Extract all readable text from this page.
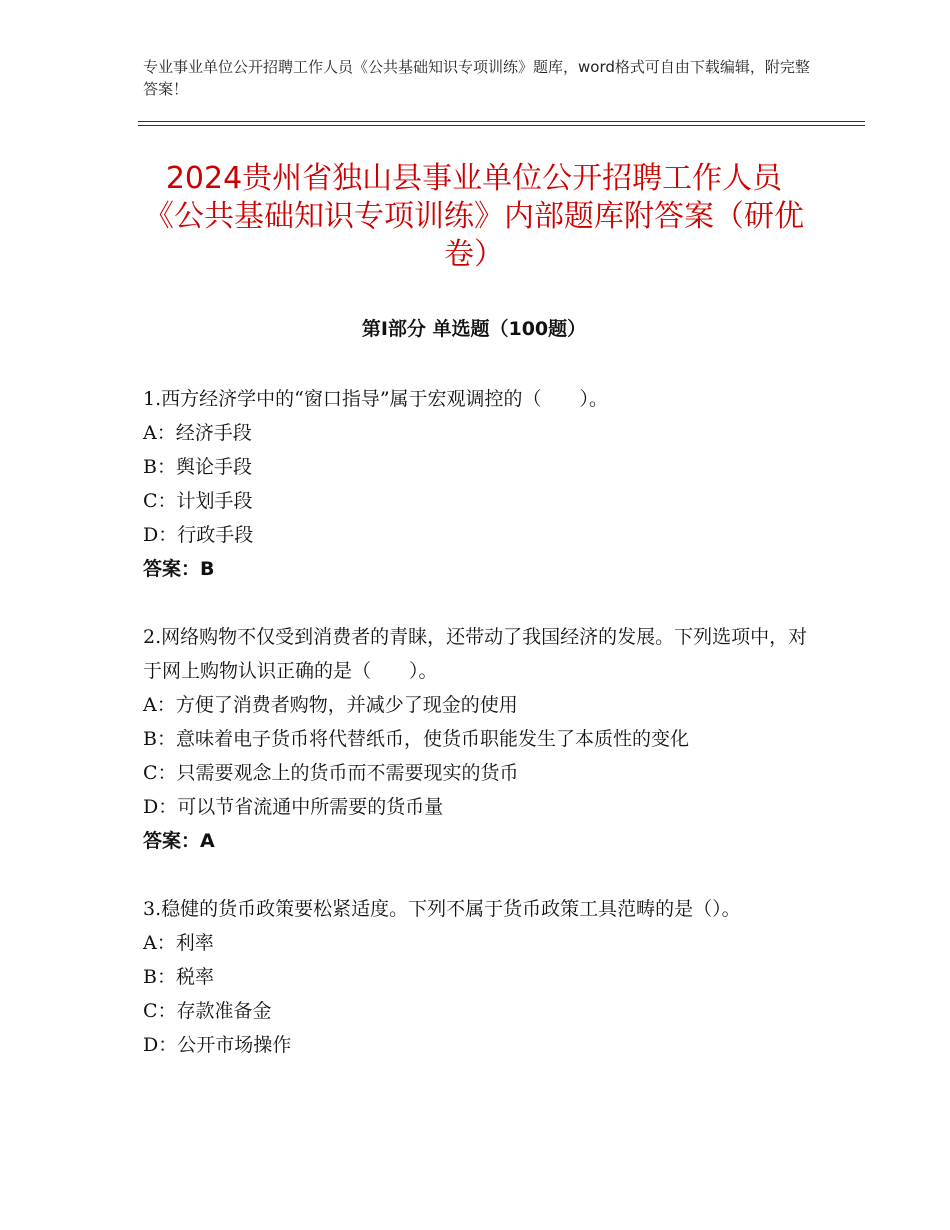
专业事业单位公开招聘工作人员《公共基础知识专项训练》题库，word格式可自由下载编辑，附完整答案！
2024贵州省独山县事业单位公开招聘工作人员《公共基础知识专项训练》内部题库附答案（研优卷）
第Ⅰ部分 单选题（100题）

1.西方经济学中的“窗口指导”属于宏观调控的（　　）。

A：经济手段

B：舆论手段

C：计划手段

D：行政手段

答案：B

2.网络购物不仅受到消费者的青睐，还带动了我国经济的发展。下列选项中，对于网上购物认识正确的是（　　）。

A：方便了消费者购物，并减少了现金的使用

B：意味着电子货币将代替纸币，使货币职能发生了本质性的变化

C：只需要观念上的货币而不需要现实的货币

D：可以节省流通中所需要的货币量

答案：A

3.稳健的货币政策要松紧适度。下列不属于货币政策工具范畴的是（）。

A：利率

B：税率

C：存款准备金

D：公开市场操作
